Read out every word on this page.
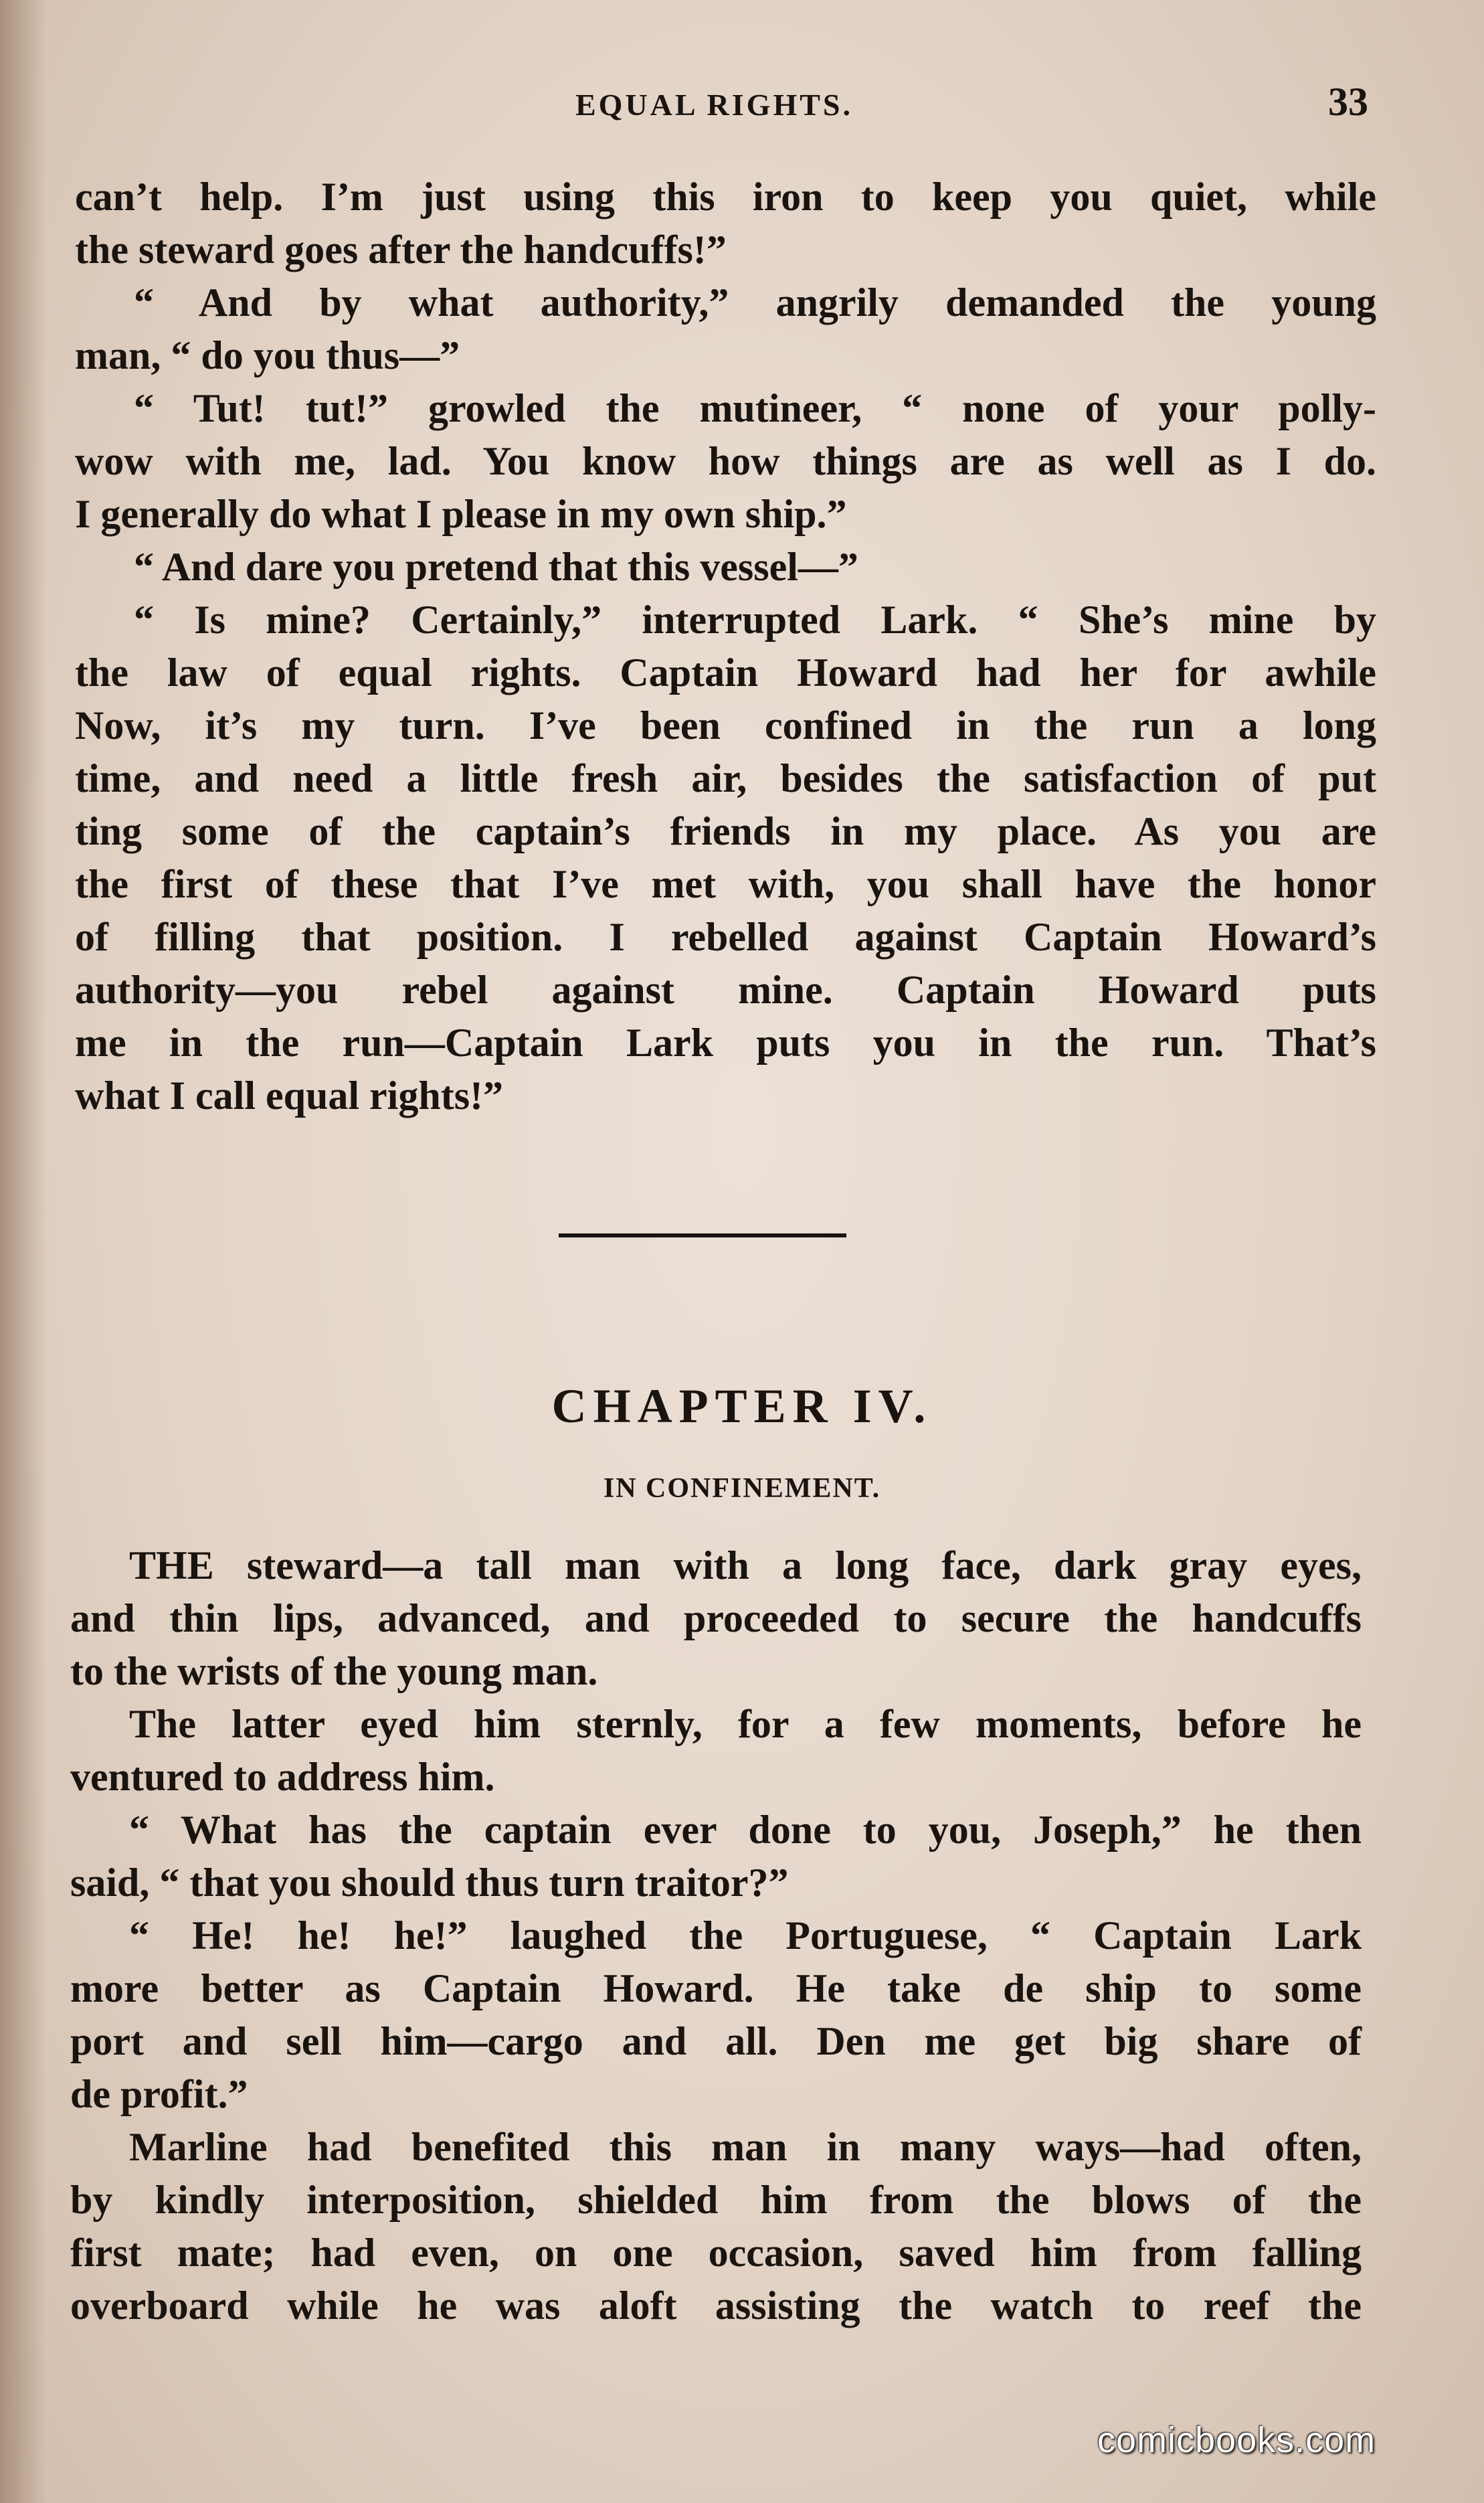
EQUAL RIGHTS.	33
can’t help. I’m just using this iron to keep you quiet, while
the steward goes after the handcuffs!”
“ And by what authority,” angrily demanded the young
man, “ do you thus—”
“ Tut! tut!” growled the mutineer, “ none of your polly-
wow with me, lad. You know how things are as well as I do.
I generally do what I please in my own ship.”
“ And dare you pretend that this vessel—”
“ Is mine? Certainly,” interrupted Lark. “ She’s mine by
the law of equal rights. Captain Howard had her for awhile
Now, it’s my turn. I’ve been confined in the run a long
time, and need a little fresh air, besides the satisfaction of put
ting some of the captain’s friends in my place. As you are
the first of these that I’ve met with, you shall have the honor
of filling that position. I rebelled against Captain Howard’s
authority—you rebel against mine. Captain Howard puts
me in the run—Captain Lark puts you in the run. That’s
what I call equal rights!”
CHAPTER IV.
IN CONFINEMENT.
THE steward—a tall man with a long face, dark gray eyes,
and thin lips, advanced, and proceeded to secure the handcuffs
to the wrists of the young man.
The latter eyed him sternly, for a few moments, before he
ventured to address him.
“ What has the captain ever done to you, Joseph,” he then
said, “ that you should thus turn traitor?”
“ He! he! he!” laughed the Portuguese, “ Captain Lark
more better as Captain Howard. He take de ship to some
port and sell him—cargo and all. Den me get big share of
de profit.”
Marline had benefited this man in many ways—had often,
by kindly interposition, shielded him from the blows of the
first mate; had even, on one occasion, saved him from falling
overboard while he was aloft assisting the watch to reef the
comicbooks.com
